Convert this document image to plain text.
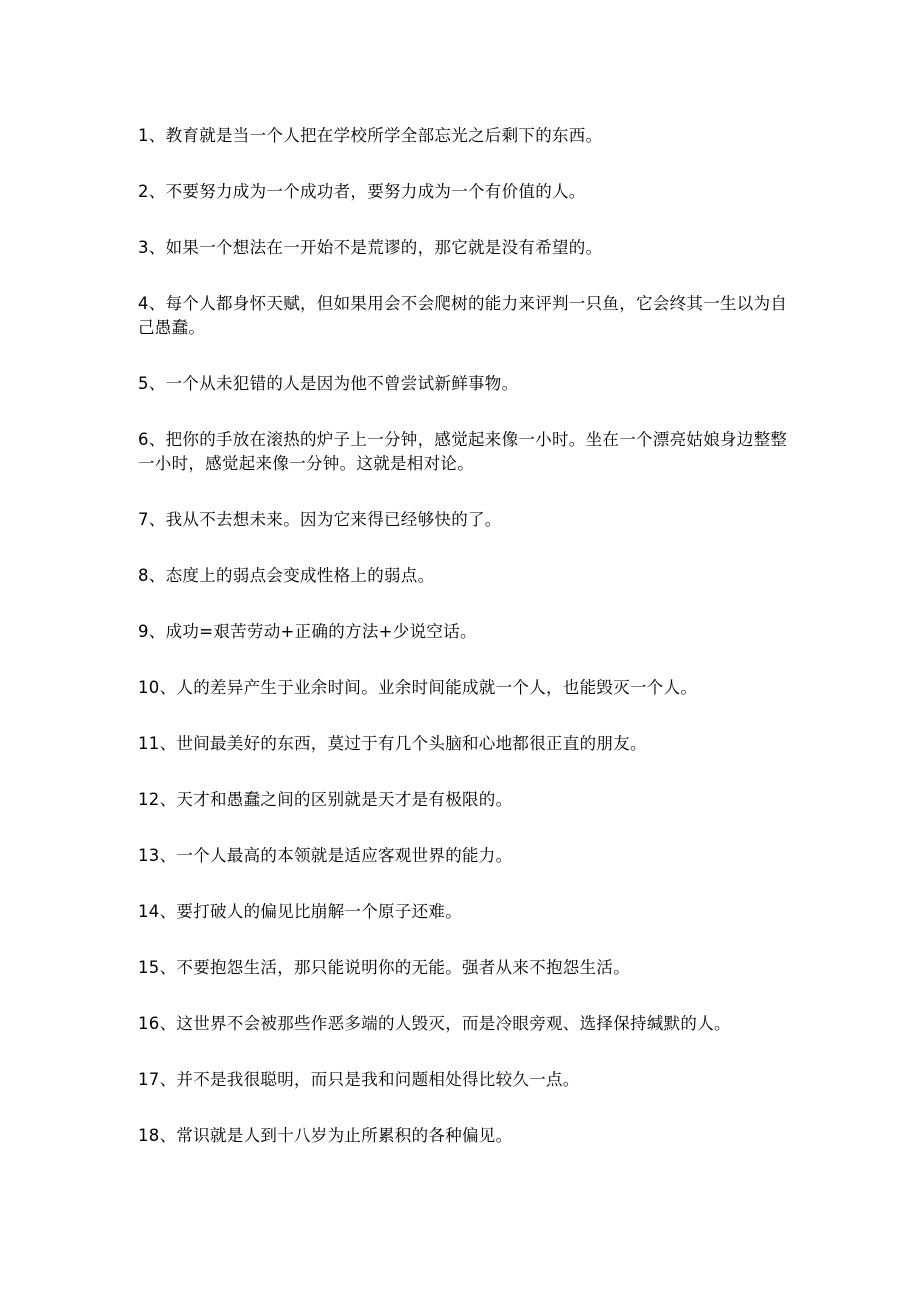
1、教育就是当一个人把在学校所学全部忘光之后剩下的东西。

2、不要努力成为一个成功者，要努力成为一个有价值的人。

3、如果一个想法在一开始不是荒谬的，那它就是没有希望的。

4、每个人都身怀天赋，但如果用会不会爬树的能力来评判一只鱼，它会终其一生以为自己愚蠢。

5、一个从未犯错的人是因为他不曾尝试新鲜事物。

6、把你的手放在滚热的炉子上一分钟，感觉起来像一小时。坐在一个漂亮姑娘身边整整一小时，感觉起来像一分钟。这就是相对论。

7、我从不去想未来。因为它来得已经够快的了。

8、态度上的弱点会变成性格上的弱点。

9、成功=艰苦劳动+正确的方法+少说空话。

10、人的差异产生于业余时间。业余时间能成就一个人，也能毁灭一个人。

11、世间最美好的东西，莫过于有几个头脑和心地都很正直的朋友。

12、天才和愚蠢之间的区别就是天才是有极限的。

13、一个人最高的本领就是适应客观世界的能力。

14、要打破人的偏见比崩解一个原子还难。

15、不要抱怨生活，那只能说明你的无能。强者从来不抱怨生活。

16、这世界不会被那些作恶多端的人毁灭，而是冷眼旁观、选择保持缄默的人。

17、并不是我很聪明，而只是我和问题相处得比较久一点。

18、常识就是人到十八岁为止所累积的各种偏见。
